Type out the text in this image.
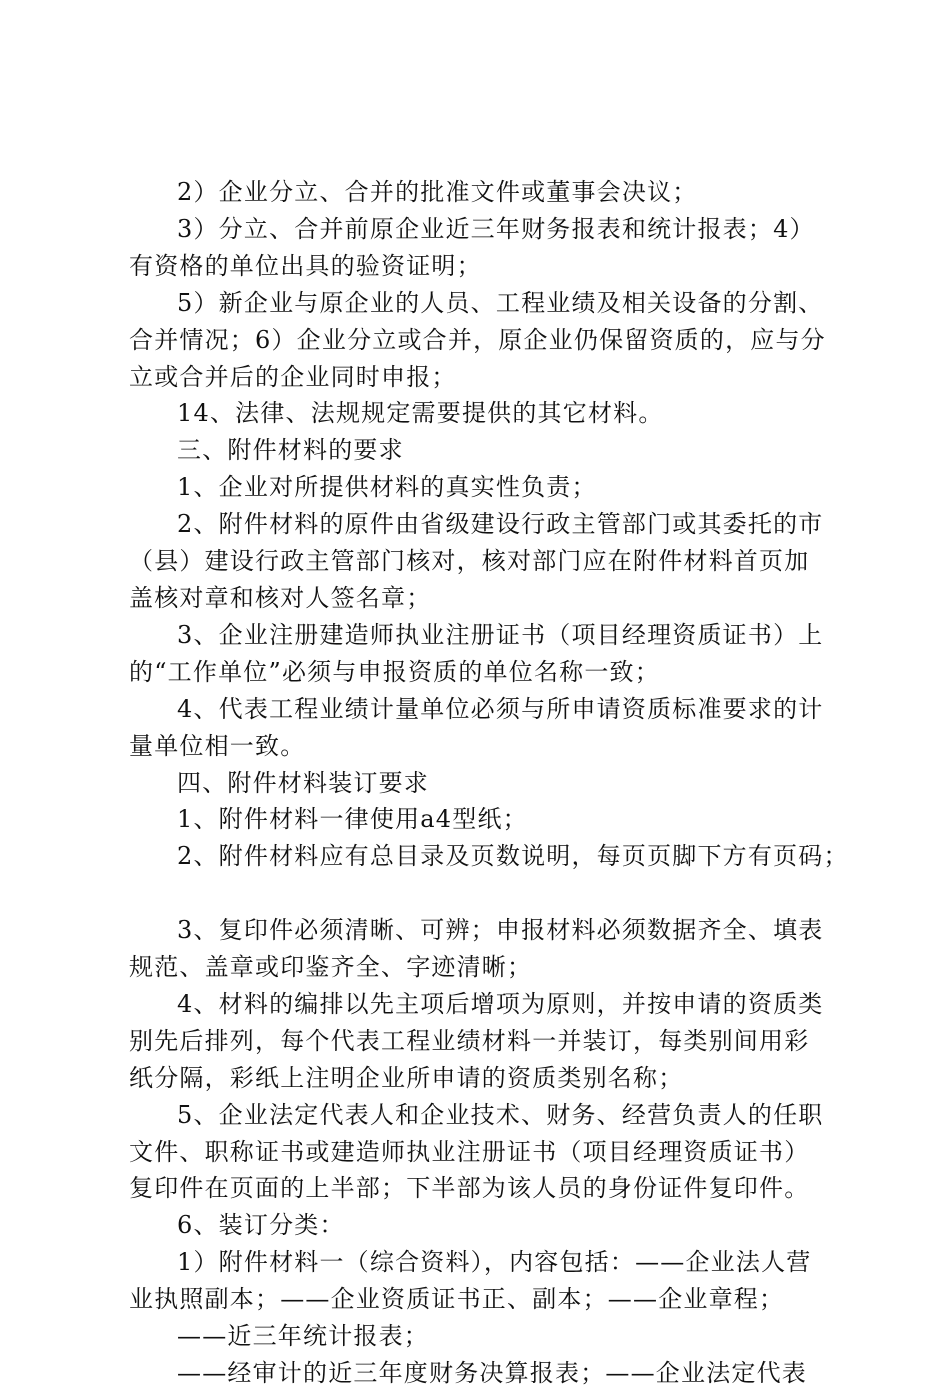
2）企业分立、合并的批准文件或董事会决议；

3）分立、合并前原企业近三年财务报表和统计报表；4）

有资格的单位出具的验资证明；

5）新企业与原企业的人员、工程业绩及相关设备的分割、

合并情况；6）企业分立或合并，原企业仍保留资质的，应与分

立或合并后的企业同时申报；

14、法律、法规规定需要提供的其它材料。

三、附件材料的要求

1、企业对所提供材料的真实性负责；

2、附件材料的原件由省级建设行政主管部门或其委托的市

（县）建设行政主管部门核对，核对部门应在附件材料首页加

盖核对章和核对人签名章；

3、企业注册建造师执业注册证书（项目经理资质证书）上

的“工作单位”必须与申报资质的单位名称一致；

4、代表工程业绩计量单位必须与所申请资质标准要求的计

量单位相一致。

四、附件材料装订要求

1、附件材料一律使用a4型纸；

2、附件材料应有总目录及页数说明，每页页脚下方有页码；

3、复印件必须清晰、可辨；申报材料必须数据齐全、填表

规范、盖章或印鉴齐全、字迹清晰；

4、材料的编排以先主项后增项为原则，并按申请的资质类

别先后排列，每个代表工程业绩材料一并装订，每类别间用彩

纸分隔，彩纸上注明企业所申请的资质类别名称；

5、企业法定代表人和企业技术、财务、经营负责人的任职

文件、职称证书或建造师执业注册证书（项目经理资质证书）

复印件在页面的上半部；下半部为该人员的身份证件复印件。

6、装订分类：

1）附件材料一（综合资料），内容包括：——企业法人营

业执照副本；——企业资质证书正、副本；——企业章程；

——近三年统计报表；

——经审计的近三年度财务决算报表；——企业法定代表
